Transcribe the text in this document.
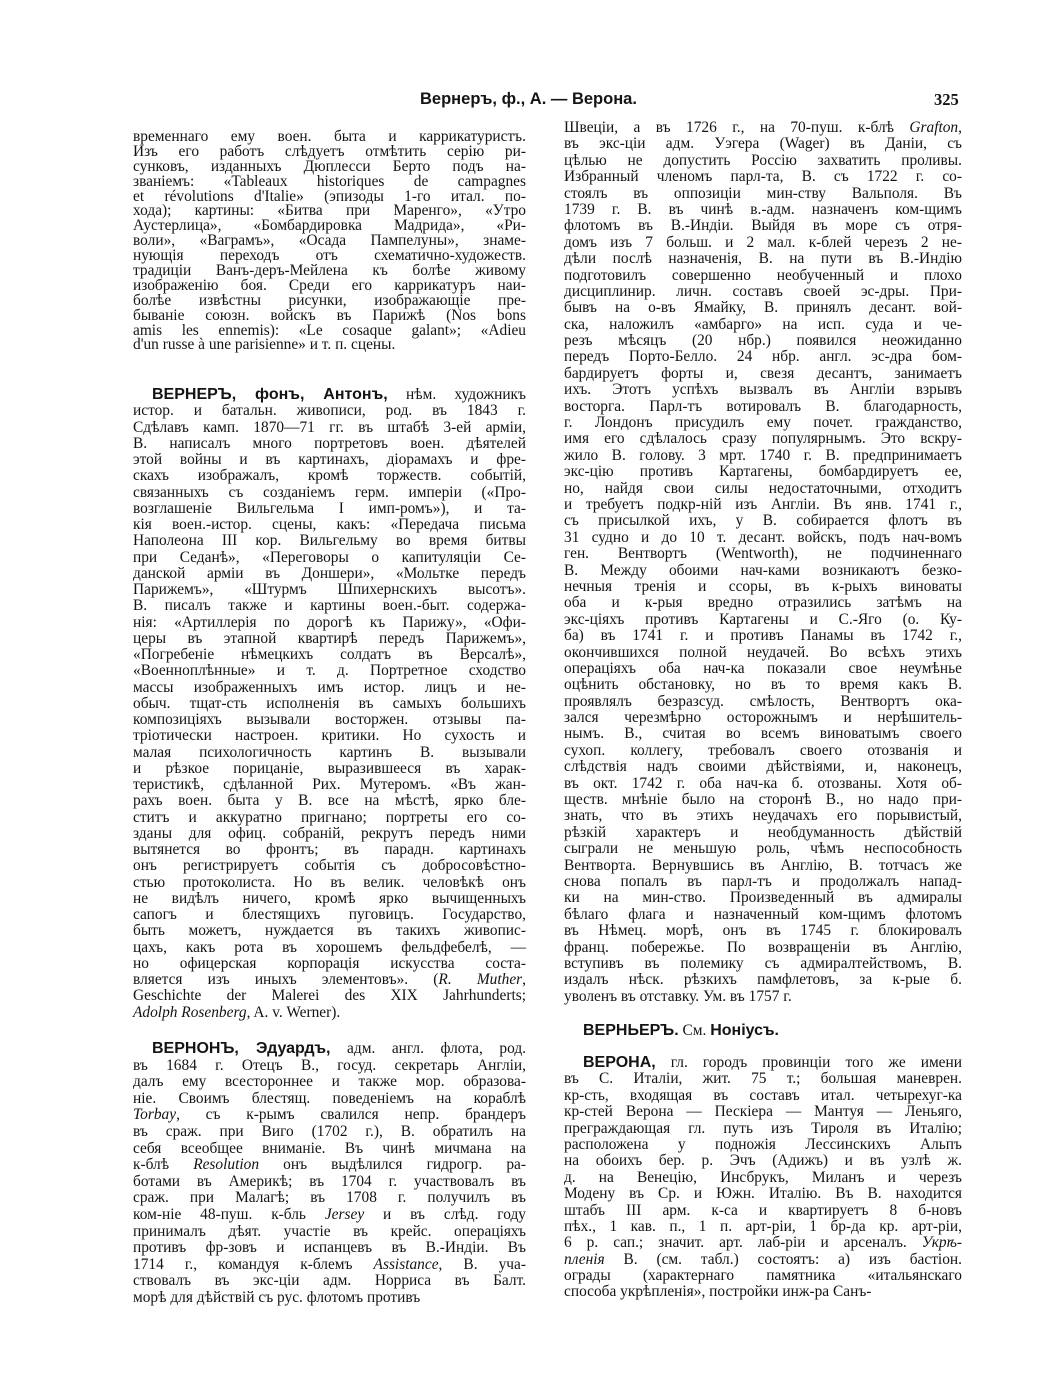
Вернеръ, ф., А. — Верона.	325
временнаго ему воен. быта и каррикатуристъ.
Изъ его работъ слѣдуетъ отмѣтить серію ри-
сунковъ, изданныхъ Дюплесси Берто подъ на-
званіемъ: «Tableaux historiques de campagnes
et révolutions d'Italie» (эпизоды 1-го итал. по-
хода); картины: «Битва при Маренго», «Утро
Аустерлица», «Бомбардировка Мадрида», «Ри-
воли», «Ваграмъ», «Осада Пампелуны», знаме-
нующія переходъ отъ схематично-художеств.
традиціи Ванъ-деръ-Мейлена къ болѣе живому
изображенію боя. Среди его каррикатуръ наи-
болѣе извѣстны рисунки, изображающіе пре-
бываніе союзн. войскъ въ Парижѣ (Nos bons
amis les ennemis): «Le cosaque galant»; «Adieu
d'un russe à une parisienne» и т. п. сцены.
ВЕРНЕРЪ, фонъ, Антонъ, нѣм. художникъ
истор. и батальн. живописи, род. въ 1843 г.
Сдѣлавъ камп. 1870—71 гг. въ штабѣ 3-ей арміи,
В. написалъ много портретовъ воен. дѣятелей
этой войны и въ картинахъ, діорамахъ и фре-
скахъ изображалъ, кромѣ торжеств. событій,
связанныхъ съ созданіемъ герм. имперіи («Про-
возглашеніе Вильгельма I имп-ромъ»), и та-
кія воен.-истор. сцены, какъ: «Передача письма
Наполеона III кор. Вильгельму во время битвы
при Седанѣ», «Переговоры о капитуляціи Се-
данской арміи въ Доншери», «Мольтке передъ
Парижемъ», «Штурмъ Шпихернскихъ высотъ».
В. писалъ также и картины воен.-быт. содержа-
нія: «Артиллерія по дорогѣ къ Парижу», «Офи-
церы въ этапной квартирѣ передъ Парижемъ»,
«Погребеніе нѣмецкихъ солдатъ въ Версалѣ»,
«Военноплѣнные» и т. д. Портретное сходство
массы изображенныхъ имъ истор. лицъ и не-
обыч. тщат-сть исполненія въ самыхъ большихъ
композиціяхъ вызывали восторжен. отзывы па-
тріотически настроен. критики. Но сухость и
малая психологичность картинъ В. вызывали
и рѣзкое порицаніе, выразившееся въ харак-
теристикѣ, сдѣланной Рих. Мутеромъ. «Въ жан-
рахъ воен. быта у В. все на мѣстѣ, ярко бле-
ститъ и аккуратно пригнано; портреты его со-
зданы для офиц. собраній, рекрутъ передъ ними
вытянется во фронтъ; въ парадн. картинахъ
онъ регистрируетъ событія съ добросовѣстно-
стью протоколиста. Но въ велик. человѣкѣ онъ
не видѣлъ ничего, кромѣ ярко вычищенныхъ
сапогъ и блестящихъ пуговицъ. Государство,
быть можетъ, нуждается въ такихъ живопис-
цахъ, какъ рота въ хорошемъ фельдфебелѣ, —
но офицерская корпорація искусства соста-
вляется изъ иныхъ элементовъ». (R. Muther,
Geschichte der Malerei des XIX Jahrhunderts;
Adolph Rosenberg, A. v. Werner).
ВЕРНОНЪ, Эдуардъ, адм. англ. флота, род.
въ 1684 г. Отецъ В., госуд. секретарь Англіи,
далъ ему всестороннее и также мор. образова-
ніе. Своимъ блестящ. поведеніемъ на кораблѣ
Torbay, съ к-рымъ свалился непр. брандеръ
въ сраж. при Виго (1702 г.), В. обратилъ на
себя всеобщее вниманіе. Въ чинѣ мичмана на
к-блѣ Resolution онъ выдѣлился гидрогр. ра-
ботами въ Америкѣ; въ 1704 г. участвовалъ въ
сраж. при Малагѣ; въ 1708 г. получилъ въ
ком-ніе 48-пуш. к-бль Jersey и въ слѣд. году
принималъ дѣят. участіе въ крейс. операціяхъ
противъ фр-зовъ и испанцевъ въ В.-Индіи. Въ
1714 г., командуя к-блемъ Assistance, В. уча-
ствовалъ въ экс-ціи адм. Норриса въ Балт.
морѣ для дѣйствій съ рус. флотомъ противъ
Швеціи, а въ 1726 г., на 70-пуш. к-блѣ Grafton,
въ экс-ціи адм. Уэгера (Wager) въ Даніи, съ
цѣлью не допустить Россію захватить проливы.
Избранный членомъ парл-та, В. съ 1722 г. со-
стоялъ въ оппозиціи мин-ству Вальполя. Въ
1739 г. В. въ чинѣ в.-адм. назначенъ ком-щимъ
флотомъ въ В.-Индіи. Выйдя въ море съ отря-
домъ изъ 7 больш. и 2 мал. к-блей черезъ 2 не-
дѣли послѣ назначенія, В. на пути въ В.-Индію
подготовилъ совершенно необученный и плохо
дисциплинир. личн. составъ своей эс-дры. При-
бывъ на о-въ Ямайку, В. принялъ десант. вой-
ска, наложилъ «амбарго» на исп. суда и че-
резъ мѣсяцъ (20 нбр.) появился неожиданно
передъ Порто-Белло. 24 нбр. англ. эс-дра бом-
бардируетъ форты и, свезя десантъ, занимаетъ
ихъ. Этотъ успѣхъ вызвалъ въ Англіи взрывъ
восторга. Парл-тъ вотировалъ В. благодарность,
г. Лондонъ присудилъ ему почет. гражданство,
имя его сдѣлалось сразу популярнымъ. Это вскру-
жило В. голову. 3 мрт. 1740 г. В. предпринимаетъ
экс-цію противъ Картагены, бомбардируетъ ее,
но, найдя свои силы недостаточными, отходитъ
и требуетъ подкр-ній изъ Англіи. Въ янв. 1741 г.,
съ присылкой ихъ, у В. собирается флотъ въ
31 судно и до 10 т. десант. войскъ, подъ нач-вомъ
ген. Вентвортъ (Wentworth), не подчиненнаго
В. Между обоими нач-ками возникаютъ безко-
нечныя тренія и ссоры, въ к-рыхъ виноваты
оба и к-рыя вредно отразились затѣмъ на
экс-ціяхъ противъ Картагены и С.-Яго (о. Ку-
ба) въ 1741 г. и противъ Панамы въ 1742 г.,
окончившихся полной неудачей. Во всѣхъ этихъ
операціяхъ оба нач-ка показали свое неумѣнье
оцѣнить обстановку, но въ то время какъ В.
проявлялъ безразсуд. смѣлость, Вентвортъ ока-
зался черезмѣрно осторожнымъ и нерѣшитель-
нымъ. В., считая во всемъ виноватымъ своего
сухоп. коллегу, требовалъ своего отозванія и
слѣдствія надъ своими дѣйствіями, и, наконецъ,
въ окт. 1742 г. оба нач-ка б. отозваны. Хотя об-
ществ. мнѣніе было на сторонѣ В., но надо при-
знать, что въ этихъ неудачахъ его порывистый,
рѣзкій характеръ и необдуманность дѣйствій
сыграли не меньшую роль, чѣмъ неспособность
Вентворта. Вернувшись въ Англію, В. тотчасъ же
снова попалъ въ парл-тъ и продолжалъ напад-
ки на мин-ство. Произведенный въ адмиралы
бѣлаго флага и назначенный ком-щимъ флотомъ
въ Нѣмец. морѣ, онъ въ 1745 г. блокировалъ
франц. побережье. По возвращеніи въ Англію,
вступивъ въ полемику съ адмиралтействомъ, В.
издалъ нѣск. рѣзкихъ памфлетовъ, за к-рые б.
уволенъ въ отставку. Ум. въ 1757 г.
ВЕРНЬЕРЪ. См. Ноніусъ.
ВЕРОНА, гл. городъ провинціи того же имени
въ С. Италіи, жит. 75 т.; большая маневрен.
кр-сть, входящая въ составъ итал. четырехуг-ка
кр-стей Верона — Пескіера — Мантуя — Леньяго,
преграждающая гл. путь изъ Тироля въ Италію;
расположена у подножія Лессинскихъ Альпъ
на обоихъ бер. р. Эчъ (Адижъ) и въ узлѣ ж.
д. на Венецію, Инсбрукъ, Миланъ и черезъ
Модену въ Ср. и Южн. Италію. Въ В. находится
штабъ III арм. к-са и квартируетъ 8 б-новъ
пѣх., 1 кав. п., 1 п. арт-ріи, 1 бр-да кр. арт-ріи,
6 р. сап.; значит. арт. лаб-ріи и арсеналъ. Укрѣ-
пленія В. (см. табл.) состоятъ: а) изъ бастіон.
ограды (характернаго памятника «итальянскаго
способа укрѣпленія», постройки инж-ра Санъ-
